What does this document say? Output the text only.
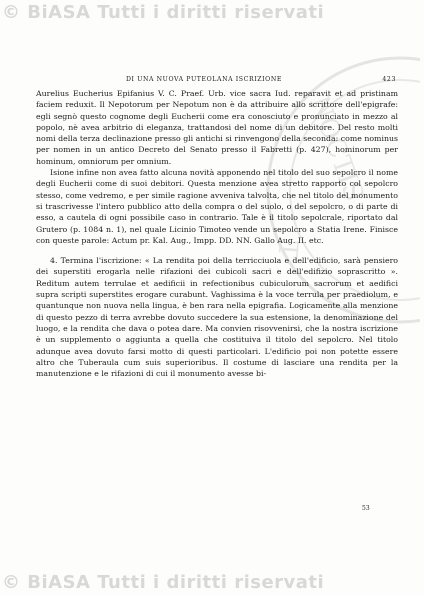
© BiASA Tutti i diritti riservati
NOCTIS
T
DI UNA NUOVA PUTEOLANA ISCRIZIONE	423

Aurelius Eucherius Epifanius V. C. Praef. Urb. vice sacra Iud. reparavit et ad pristinam faciem reduxit. Il Nepotorum per Nepotum non è da attribuire allo scrittore dell'epigrafe: egli segnò questo cognome degli Eucherii come era conosciuto e pronunciato in mezzo al popolo, nè avea arbitrio di eleganza, trattandosi del nome di un debitore. Del resto molti nomi della terza declinazione presso gli antichi si rinvengono della seconda: come nominus per nomen in un antico Decreto del Senato presso il Fabretti (p. 427), hominorum per hominum, omniorum per omnium.

Isione infine non avea fatto alcuna novità apponendo nel titolo del suo sepolcro il nome degli Eucherii come di suoi debitori. Questa menzione avea stretto rapporto col sepolcro stesso, come vedremo, e per simile ragione avveniva talvolta, che nel titolo del monumento si trascrivesse l'intero pubblico atto della compra o del suolo, o del sepolcro, o di parte di esso, a cautela di ogni possibile caso in contrario. Tale è il titolo sepolcrale, riportato dal Grutero (p. 1084 n. 1), nel quale Licinio Timoteo vende un sepolcro a Statia Irene. Finisce con queste parole: Actum pr. Kal. Aug., Impp. DD. NN. Gallo Aug. II. etc.

4. Termina l'iscrizione: « La rendita poi della terricciuola e dell'edificio, sarà pensiero dei superstiti erogarla nelle rifazioni dei cubicoli sacri e dell'edifizio soprascritto ». Reditum autem terrulae et aedificii in refectionibus cubiculorum sacrorum et aedifici supra scripti superstites erogare curabunt. Vaghissima è la voce terrula per praediolum, e quantunque non nuova nella lingua, è ben rara nella epigrafia. Logicamente alla menzione di questo pezzo di terra avrebbe dovuto succedere la sua estensione, la denominazione del luogo, e la rendita che dava o potea dare. Ma convien risovvenirsi, che la nostra iscrizione è un supplemento o aggiunta a quella che costituiva il titolo del sepolcro. Nel titolo adunque avea dovuto farsi motto di questi particolari. L'edificio poi non potette essere altro che Tuberaula cum suis superioribus. Il costume di lasciare una rendita per la manutenzione e le rifazioni di cui il monumento avesse bi-

53
© BiASA Tutti i diritti riservati
